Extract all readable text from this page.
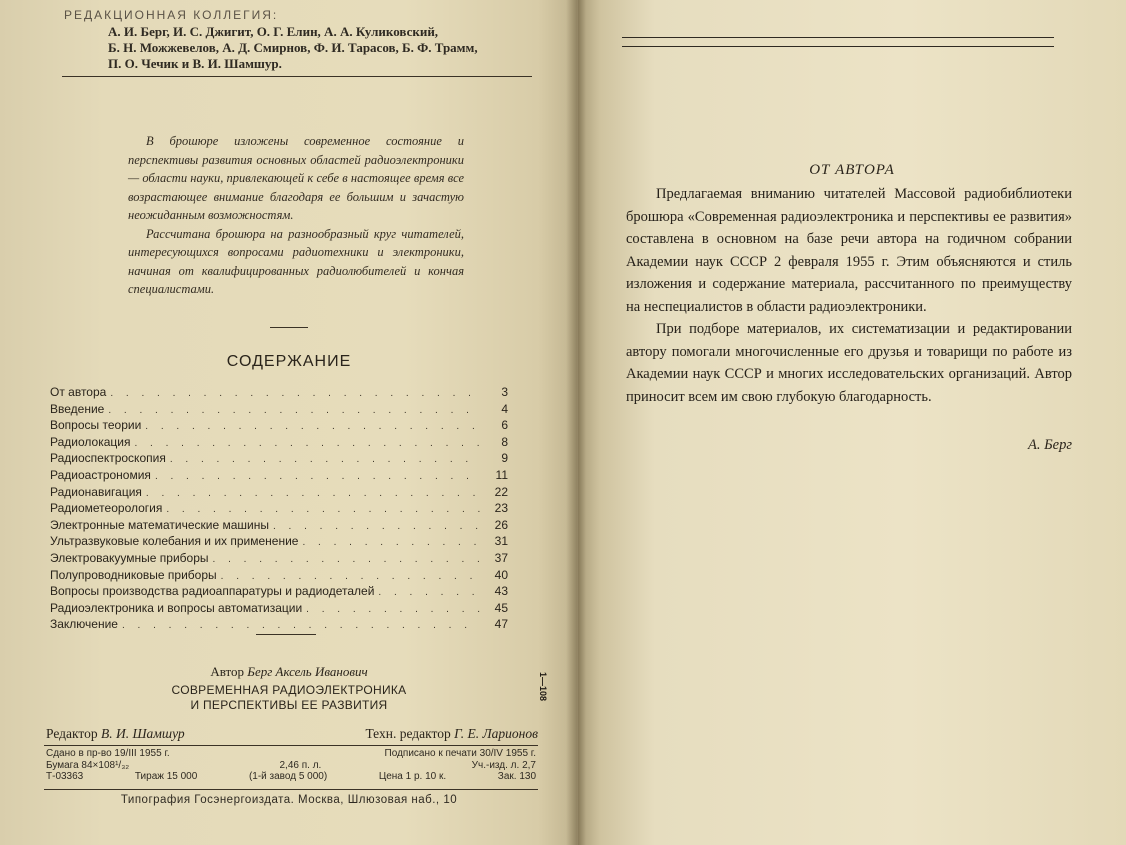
РЕДАКЦИОННАЯ КОЛЛЕГИЯ:
А. И. Берг, И. С. Джигит, О. Г. Елин, А. А. Куликовский,
Б. Н. Можжевелов, А. Д. Смирнов, Ф. И. Тарасов, Б. Ф. Трамм,
П. О. Чечик и В. И. Шамшур.

В брошюре изложены современное состояние и перспективы развития основных областей радиоэлектроники — области науки, привлекающей к себе в настоящее время все возрастающее внимание благодаря ее большим и зачастую неожиданным возможностям.

Рассчитана брошюра на разнообразный круг читателей, интересующихся вопросами радиотехники и электроники, начиная от квалифицированных радиолюбителей и кончая специалистами.

СОДЕРЖАНИЕ
От автора . . .	3
Введение . . .	4
Вопросы теории . . .	6
Радиолокация . . .	8
Радиоспектроскопия . . .	9
Радиоастрономия . . .	11
Радионавигация . . .	22
Радиометеорология . . .	23
Электронные математические машины . . .	26
Ультразвуковые колебания и их применение . . .	31
Электровакуумные приборы . . .	37
Полупроводниковые приборы . . .	40
Вопросы производства радиоаппаратуры и радиодеталей . . .	43
Радиоэлектроника и вопросы автоматизации . . .	45
Заключение . . .	47
Автор Берг Аксель Иванович
СОВРЕМЕННАЯ РАДИОЭЛЕКТРОНИКА
И ПЕРСПЕКТИВЫ ЕЕ РАЗВИТИЯ
Редактор В. И. Шамшур	Техн. редактор Г. Е. Ларионов
Сдано в пр-во 19/III 1955 г.	Подписано к печати 30/IV 1955 г.
Бумага 84×108¹/₃₂	2,46 п. л.	Уч.-изд. л. 2,7
Т-03363	Тираж 15 000	(1-й завод 5 000)	Цена 1 р. 10 к.	Зак. 130
Типография Госэнергоиздата. Москва, Шлюзовая наб., 10
1—108
ОТ АВТОРА

Предлагаемая вниманию читателей Массовой радиобиблиотеки брошюра «Современная радиоэлектроника и перспективы ее развития» составлена в основном на базе речи автора на годичном собрании Академии наук СССР 2 февраля 1955 г. Этим объясняются и стиль изложения и содержание материала, рассчитанного по преимуществу на неспециалистов в области радиоэлектроники.

При подборе материалов, их систематизации и редактировании автору помогали многочисленные его друзья и товарищи по работе из Академии наук СССР и многих исследовательских организаций. Автор приносит всем им свою глубокую благодарность.

А. Берг
